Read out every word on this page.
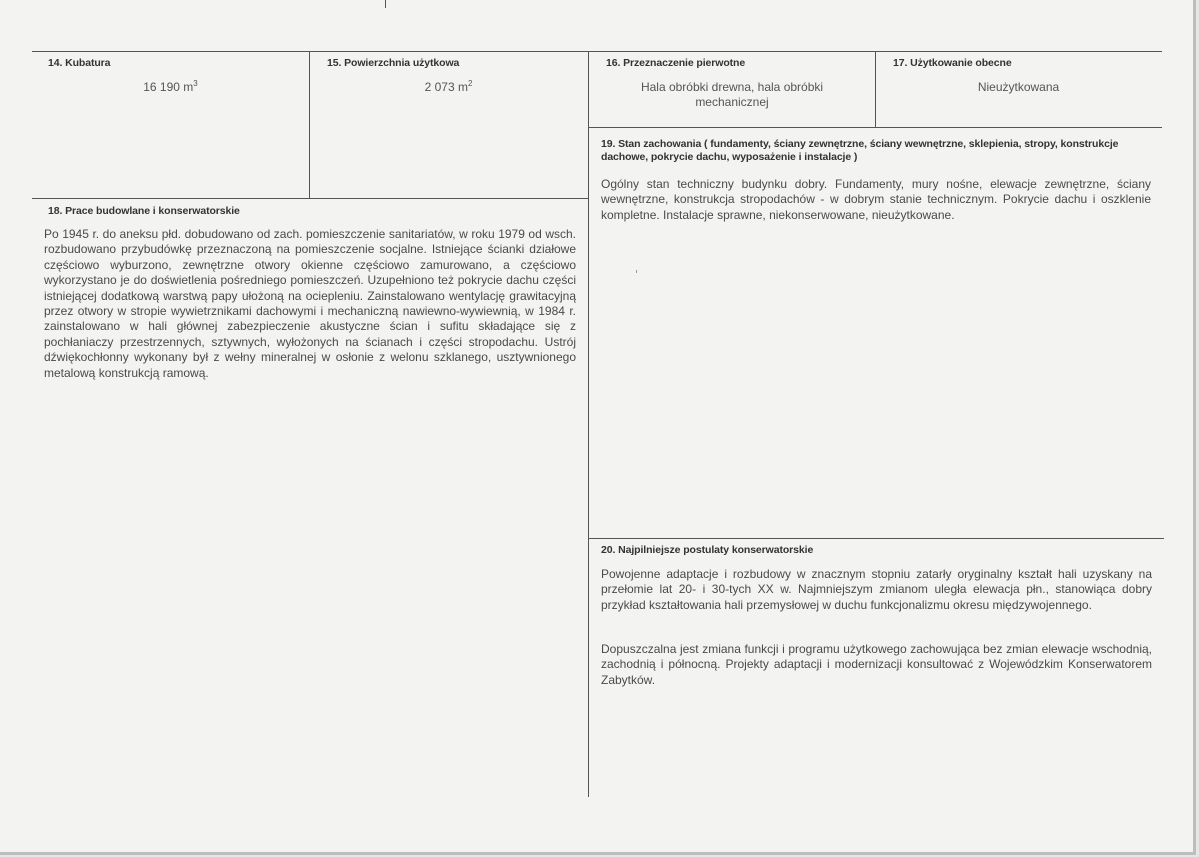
14. Kubatura
16 190 $m^3$
15. Powierzchnia użytkowa
2 073 $m^2$
16. Przeznaczenie pierwotne
Hala obróbki drewna, hala obróbki mechanicznej
17. Użytkowanie obecne
Nieużytkowana
19. Stan zachowania ( fundamenty, ściany zewnętrzne, ściany wewnętrzne, sklepienia, stropy, konstrukcje dachowe, pokrycie dachu, wyposażenie i instalacje )

Ogólny stan techniczny budynku dobry. Fundamenty, mury nośne, elewacje zewnętrzne, ściany wewnętrzne, konstrukcja stropodachów - w dobrym stanie technicznym. Pokrycie dachu i oszklenie kompletne. Instalacje sprawne, niekonserwowane, nieużytkowane.

18. Prace budowlane i konserwatorskie

Po 1945 r. do aneksu płd. dobudowano od zach. pomieszczenie sanitariatów, w roku 1979 od wsch. rozbudowano przybudówkę przeznaczoną na pomieszczenie socjalne. Istniejące ścianki działowe częściowo wyburzono, zewnętrzne otwory okienne częściowo zamurowano, a częściowo wykorzystano je do doświetlenia pośredniego pomieszczeń. Uzupełniono też pokrycie dachu części istniejącej dodatkową warstwą papy ułożoną na ociepleniu. Zainstalowano wentylację grawitacyjną przez otwory w stropie wywietrznikami dachowymi i mechaniczną nawiewno-wywiewnią, w 1984 r. zainstalowano w hali głównej zabezpieczenie akustyczne ścian i sufitu składające się z pochłaniaczy przestrzennych, sztywnych, wyłożonych na ścianach i części stropodachu. Ustrój dźwiękochłonny wykonany był z wełny mineralnej w osłonie z welonu szklanego, usztywnionego metalową konstrukcją ramową.

20. Najpilniejsze postulaty konserwatorskie

Powojenne adaptacje i rozbudowy w znacznym stopniu zatarły oryginalny kształt hali uzyskany na przełomie lat 20- i 30-tych XX w. Najmniejszym zmianom uległa elewacja płn., stanowiąca dobry przykład kształtowania hali przemysłowej w duchu funkcjonalizmu okresu międzywojennego.

Dopuszczalna jest zmiana funkcji i programu użytkowego zachowująca bez zmian elewacje wschodnią, zachodnią i północną. Projekty adaptacji i modernizacji konsultować z Wojewódzkim Konserwatorem Zabytków.
